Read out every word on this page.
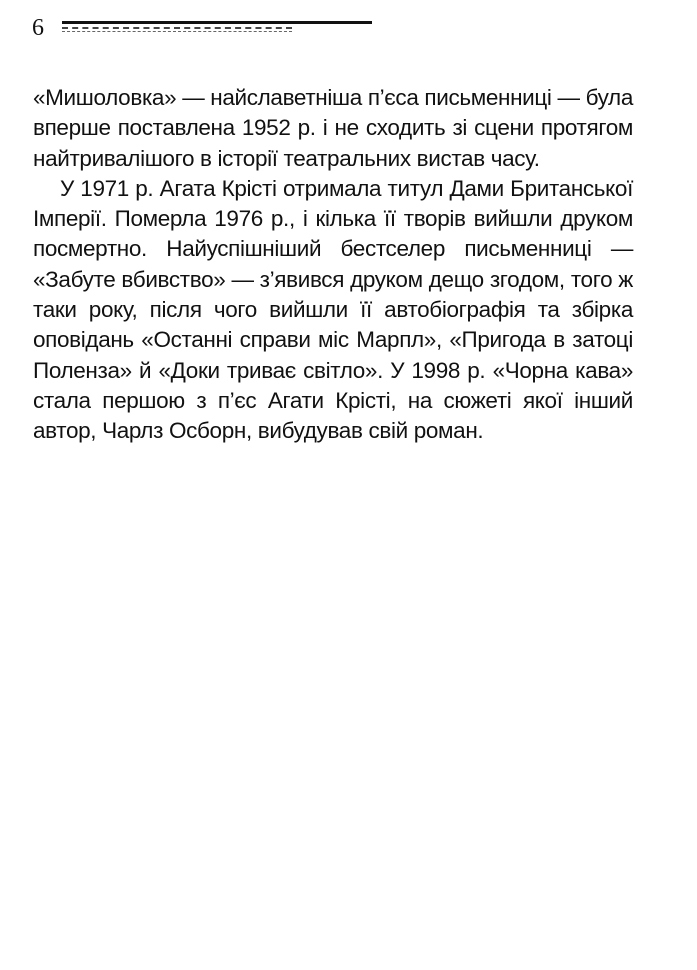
6

«Мишоловка» — найславетніша п’єса письменниці — була вперше поставлена 1952 р. і не сходить зі сцени протягом найтривалішого в історії театральних вистав часу.

У 1971 р. Агата Крісті отримала титул Дами Британської Імперії. Померла 1976 р., і кілька її творів вийшли друком посмертно. Найуспішніший бестселер письменниці — «Забуте вбивство» — з’явився друком дещо згодом, того ж таки року, після чого вийшли її автобіографія та збірка оповідань «Останні справи міс Марпл», «Пригода в затоці Поленза» й «Доки триває світло». У 1998 р. «Чорна кава» стала першою з п’єс Агати Крісті, на сюжеті якої інший автор, Чарлз Осборн, вибудував свій роман.
